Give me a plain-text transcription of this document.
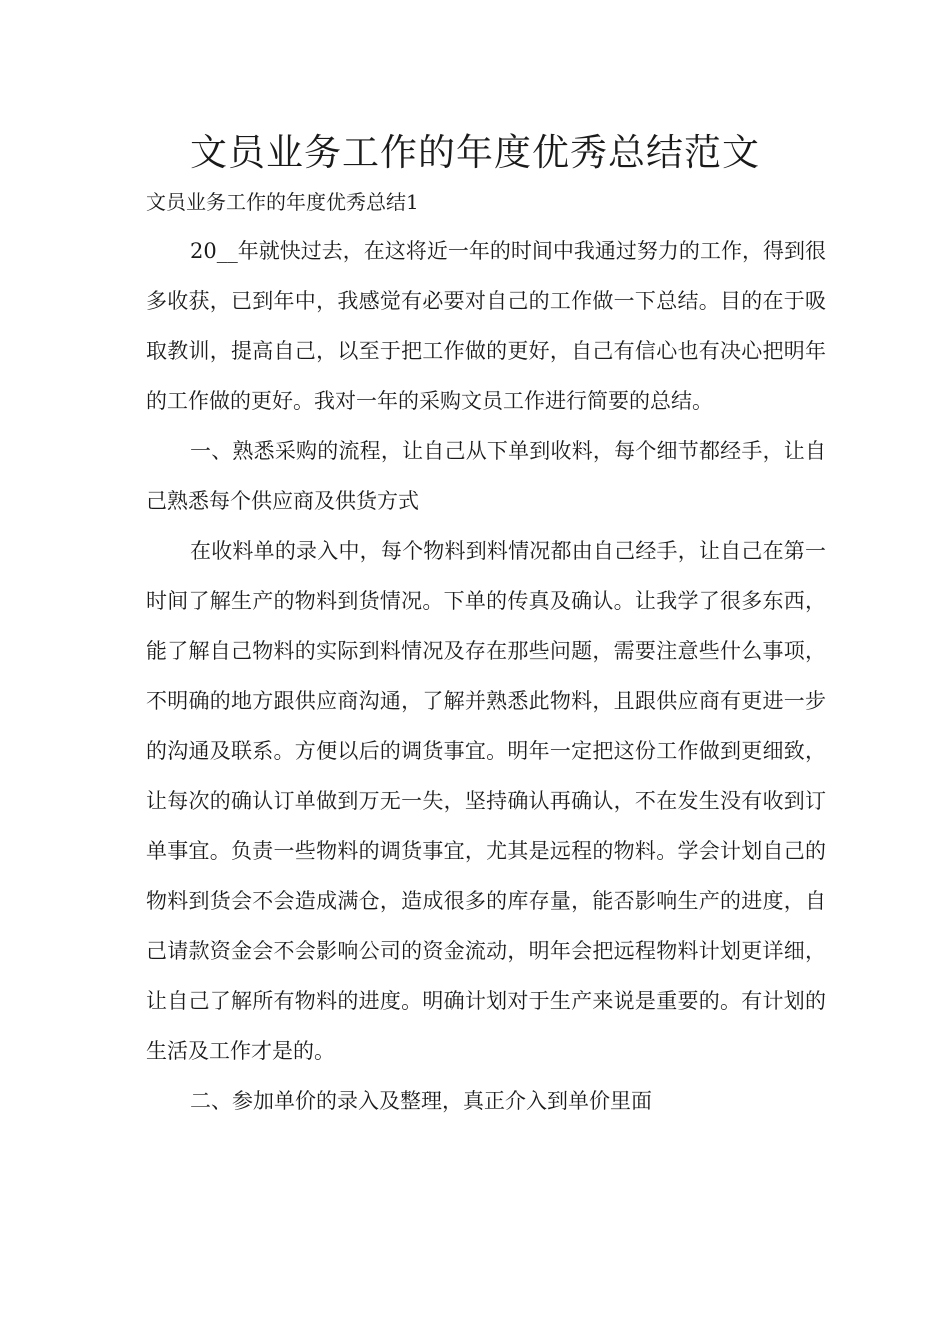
文员业务工作的年度优秀总结范文

文员业务工作的年度优秀总结1

20__年就快过去，在这将近一年的时间中我通过努力的工作，得到很多收获，已到年中，我感觉有必要对自己的工作做一下总结。目的在于吸取教训，提高自己，以至于把工作做的更好，自己有信心也有决心把明年的工作做的更好。我对一年的采购文员工作进行简要的总结。

一、熟悉采购的流程，让自己从下单到收料，每个细节都经手，让自己熟悉每个供应商及供货方式

在收料单的录入中，每个物料到料情况都由自己经手，让自己在第一时间了解生产的物料到货情况。下单的传真及确认。让我学了很多东西，能了解自己物料的实际到料情况及存在那些问题，需要注意些什么事项，不明确的地方跟供应商沟通，了解并熟悉此物料，且跟供应商有更进一步的沟通及联系。方便以后的调货事宜。明年一定把这份工作做到更细致，让每次的确认订单做到万无一失，坚持确认再确认，不在发生没有收到订单事宜。负责一些物料的调货事宜，尤其是远程的物料。学会计划自己的物料到货会不会造成满仓，造成很多的库存量，能否影响生产的进度，自己请款资金会不会影响公司的资金流动，明年会把远程物料计划更详细，让自己了解所有物料的进度。明确计划对于生产来说是重要的。有计划的生活及工作才是的。

二、参加单价的录入及整理，真正介入到单价里面
